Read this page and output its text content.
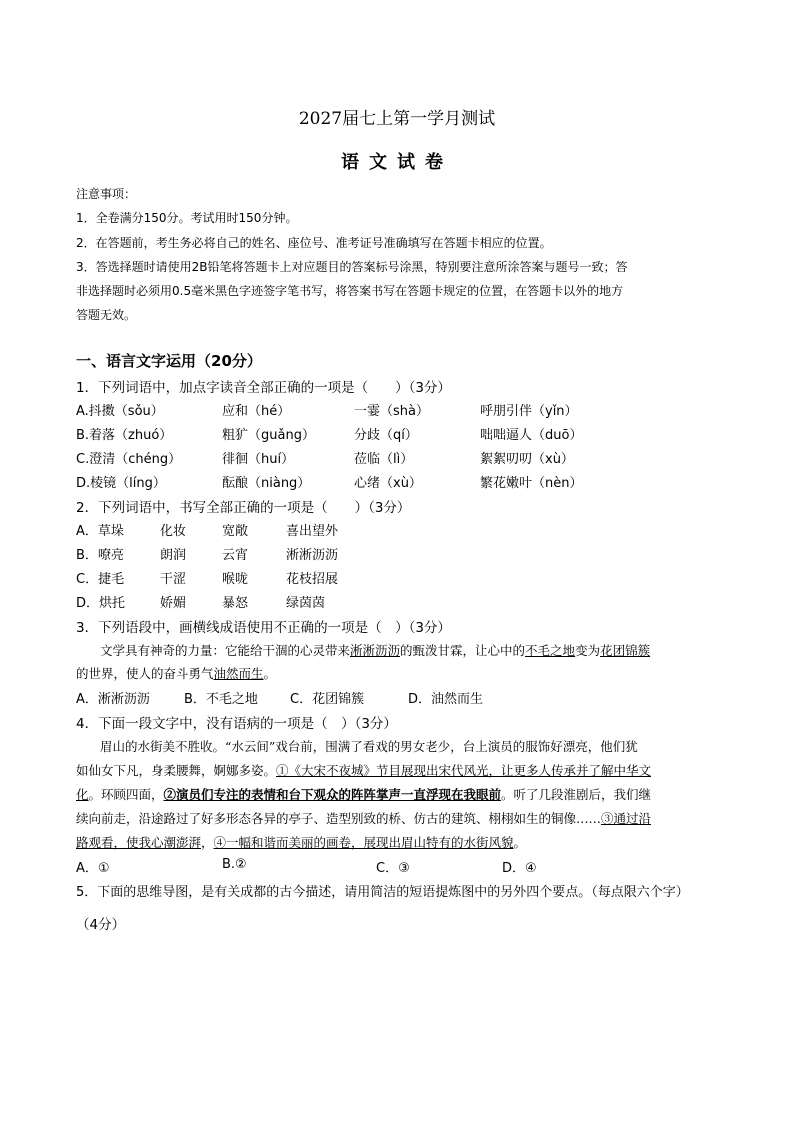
2027届七上第一学月测试
语文试卷
注意事项：
1．全卷满分150分。考试用时150分钟。
2．在答题前，考生务必将自己的姓名、座位号、准考证号准确填写在答题卡相应的位置。
3．答选择题时请使用2B铅笔将答题卡上对应题目的答案标号涂黑，特别要注意所涂答案与题号一致；答
非选择题时必须用0.5毫米黑色字迹签字笔书写，将答案书写在答题卡规定的位置，在答题卡以外的地方
答题无效。
一、语言文字运用（20分）
1．下列词语中，加点字读音全部正确的一项是（　　）（3分）
A.抖擞（sǒu）	应和（hé）	一霎（shà）	呼朋引伴（yǐn）
B.着落（zhuó）	粗犷（guǎng）	分歧（qí）	咄咄逼人（duō）
C.澄清（chéng）	徘徊（huí）	莅临（lì）	絮絮叨叨（xù）
D.棱镜（líng）	酝酿（niàng）	心绪（xù）	繁花嫩叶（nèn）
2．下列词语中，书写全部正确的一项是（　　）（3分）
A．草垛	化妆	宽敞	喜出望外
B．嘹亮	朗润	云宵	淅淅沥沥
C．捷毛	干涩	喉咙	花枝招展
D．烘托	娇媚	暴怒	绿茵茵
3．下列语段中，画横线成语使用不正确的一项是（　）（3分）
文学具有神奇的力量：它能给干涸的心灵带来淅淅沥沥的甄泼甘霖，让心中的不毛之地变为花团锦簇
的世界，使人的奋斗勇气油然而生。
A．淅淅沥沥	B．不毛之地 C．花团锦簇	D．油然而生
4．下面一段文字中，没有语病的一项是（　）（3分）
眉山的水街美不胜收。“水云间”戏台前，围满了看戏的男女老少，台上演员的服饰好漂亮，他们犹
如仙女下凡，身柔腰舞，婀娜多姿。①《大宋不夜城》节目展现出宋代风光，让更多人传承并了解中华文
化。环顾四面，②演员们专注的表情和台下观众的阵阵掌声一直浮现在我眼前。听了几段淮剧后，我们继
续向前走，沿途路过了好多形态各异的亭子、造型别致的桥、仿古的建筑、栩栩如生的铜像……③通过沿
路观看，使我心潮澎湃，④一幅和谐而美丽的画卷，展现出眉山特有的水街风貌。
A．①	B.②	C．③	D．④
5．下面的思维导图，是有关成都的古今描述，请用简洁的短语提炼图中的另外四个要点。（每点限六个字）
（4分）
